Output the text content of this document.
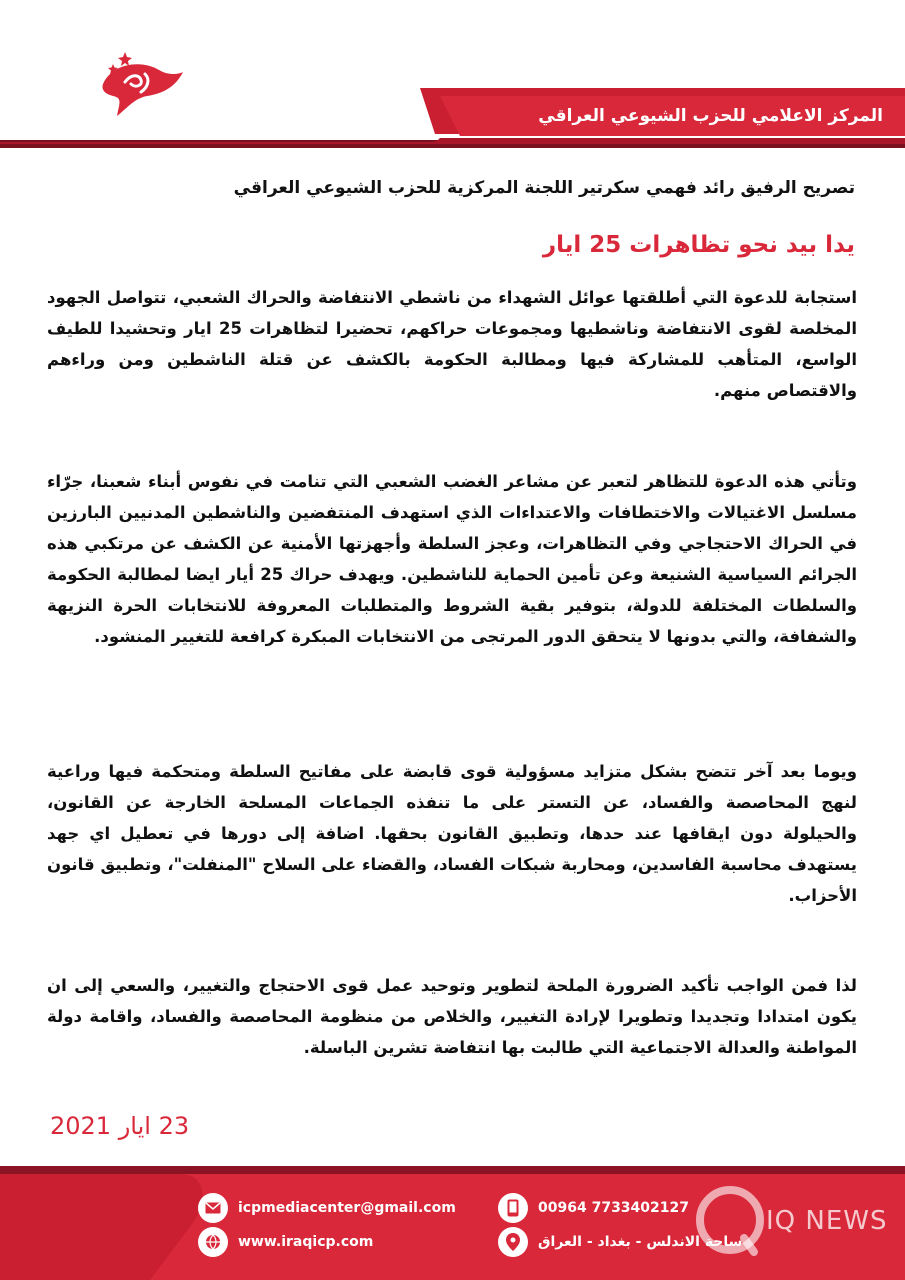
المركز الاعلامي للحزب الشيوعي العراقي
تصريح الرفيق رائد فهمي سكرتير اللجنة المركزية للحزب الشيوعي العراقي
يدا بيد نحو تظاهرات 25 ايار

استجابة للدعوة التي أطلقتها عوائل الشهداء من ناشطي الانتفاضة والحراك الشعبي، تتواصل الجهود المخلصة لقوى الانتفاضة وناشطيها ومجموعات حراكهم، تحضيرا لتظاهرات 25 ايار وتحشيدا للطيف الواسع، المتأهب للمشاركة فيها ومطالبة الحكومة بالكشف عن قتلة الناشطين ومن وراءهم والاقتصاص منهم.

وتأتي هذه الدعوة للتظاهر لتعبر عن مشاعر الغضب الشعبي التي تنامت في نفوس أبناء شعبنا، جرّاء مسلسل الاغتيالات والاختطافات والاعتداءات الذي استهدف المنتفضين والناشطين المدنيين البارزين في الحراك الاحتجاجي وفي التظاهرات، وعجز السلطة وأجهزتها الأمنية عن الكشف عن مرتكبي هذه الجرائم السياسية الشنيعة وعن تأمين الحماية للناشطين. ويهدف حراك 25 أيار ايضا لمطالبة الحكومة والسلطات المختلفة للدولة، بتوفير بقية الشروط والمتطلبات المعروفة للانتخابات الحرة النزيهة والشفافة، والتي بدونها لا يتحقق الدور المرتجى من الانتخابات المبكرة كرافعة للتغيير المنشود.

ويوما بعد آخر تتضح بشكل متزايد مسؤولية قوى قابضة على مفاتيح السلطة ومتحكمة فيها وراعية لنهج المحاصصة والفساد، عن التستر على ما تنفذه الجماعات المسلحة الخارجة عن القانون، والحيلولة دون ايقافها عند حدها، وتطبيق القانون بحقها. اضافة إلى دورها في تعطيل اي جهد يستهدف محاسبة الفاسدين، ومحاربة شبكات الفساد، والقضاء على السلاح "المنفلت"، وتطبيق قانون الأحزاب.

لذا فمن الواجب تأكيد الضرورة الملحة لتطوير وتوحيد عمل قوى الاحتجاج والتغيير، والسعي إلى ان يكون امتدادا وتجديدا وتطويرا لإرادة التغيير، والخلاص من منظومة المحاصصة والفساد، واقامة دولة المواطنة والعدالة الاجتماعية التي طالبت بها انتفاضة تشرين الباسلة.

23 ايار 2021
icpmediacenter@gmail.com
www.iraqicp.com
00964 7733402127
ساحة الاندلس - بغداد - العراق
IQ NEWS
